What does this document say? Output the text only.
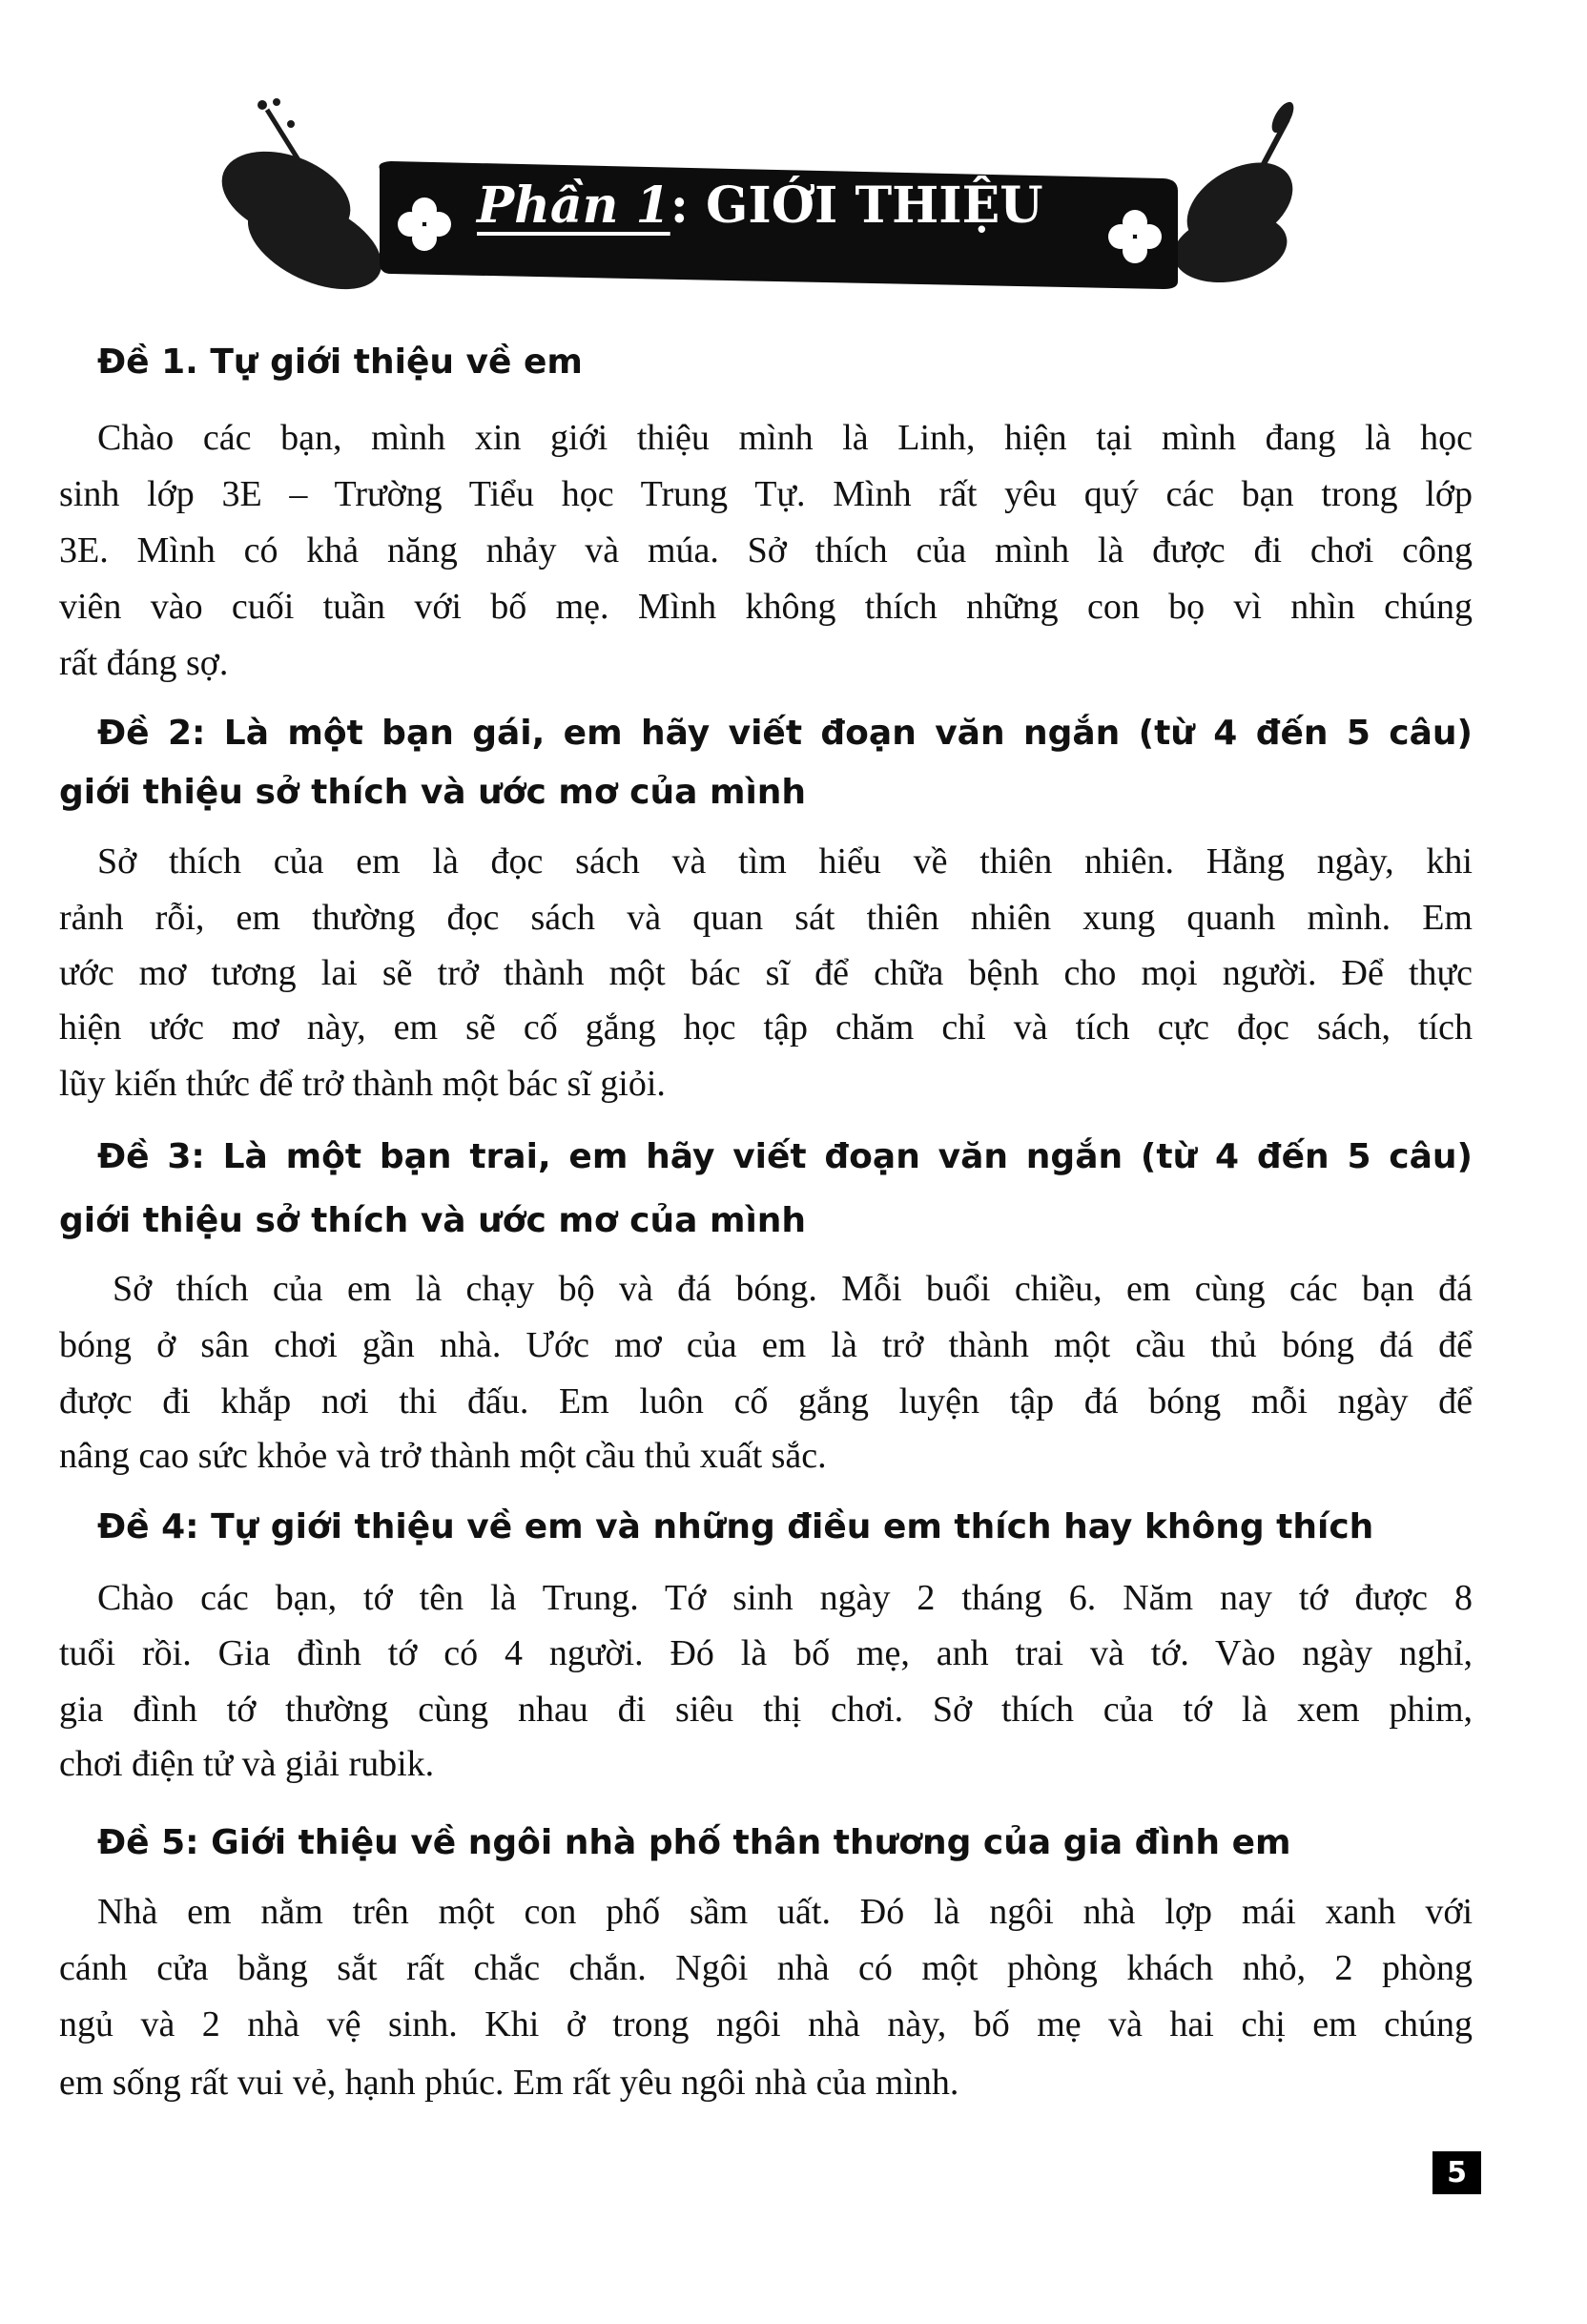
Phần 1: GIỚI THIỆU
Đề 1. Tự giới thiệu về em
Chào các bạn, mình xin giới thiệu mình là Linh, hiện tại mình đang là học
sinh lớp 3E – Trường Tiểu học Trung Tự. Mình rất yêu quý các bạn trong lớp
3E. Mình có khả năng nhảy và múa. Sở thích của mình là được đi chơi công
viên vào cuối tuần với bố mẹ. Mình không thích những con bọ vì nhìn chúng
rất đáng sợ.
Đề 2: Là một bạn gái, em hãy viết đoạn văn ngắn (từ 4 đến 5 câu)
giới thiệu sở thích và ước mơ của mình
Sở thích của em là đọc sách và tìm hiểu về thiên nhiên. Hằng ngày, khi
rảnh rỗi, em thường đọc sách và quan sát thiên nhiên xung quanh mình. Em
ước mơ tương lai sẽ trở thành một bác sĩ để chữa bệnh cho mọi người. Để thực
hiện ước mơ này, em sẽ cố gắng học tập chăm chỉ và tích cực đọc sách, tích
lũy kiến thức để trở thành một bác sĩ giỏi.
Đề 3: Là một bạn trai, em hãy viết đoạn văn ngắn (từ 4 đến 5 câu)
giới thiệu sở thích và ước mơ của mình
Sở thích của em là chạy bộ và đá bóng. Mỗi buổi chiều, em cùng các bạn đá
bóng ở sân chơi gần nhà. Ước mơ của em là trở thành một cầu thủ bóng đá để
được đi khắp nơi thi đấu. Em luôn cố gắng luyện tập đá bóng mỗi ngày để
nâng cao sức khỏe và trở thành một cầu thủ xuất sắc.
Đề 4: Tự giới thiệu về em và những điều em thích hay không thích
Chào các bạn, tớ tên là Trung. Tớ sinh ngày 2 tháng 6. Năm nay tớ được 8
tuổi rồi. Gia đình tớ có 4 người. Đó là bố mẹ, anh trai và tớ. Vào ngày nghỉ,
gia đình tớ thường cùng nhau đi siêu thị chơi. Sở thích của tớ là xem phim,
chơi điện tử và giải rubik.
Đề 5: Giới thiệu về ngôi nhà phố thân thương của gia đình em
Nhà em nằm trên một con phố sầm uất. Đó là ngôi nhà lợp mái xanh với
cánh cửa bằng sắt rất chắc chắn. Ngôi nhà có một phòng khách nhỏ, 2 phòng
ngủ và 2 nhà vệ sinh. Khi ở trong ngôi nhà này, bố mẹ và hai chị em chúng
em sống rất vui vẻ, hạnh phúc. Em rất yêu ngôi nhà của mình.
5
